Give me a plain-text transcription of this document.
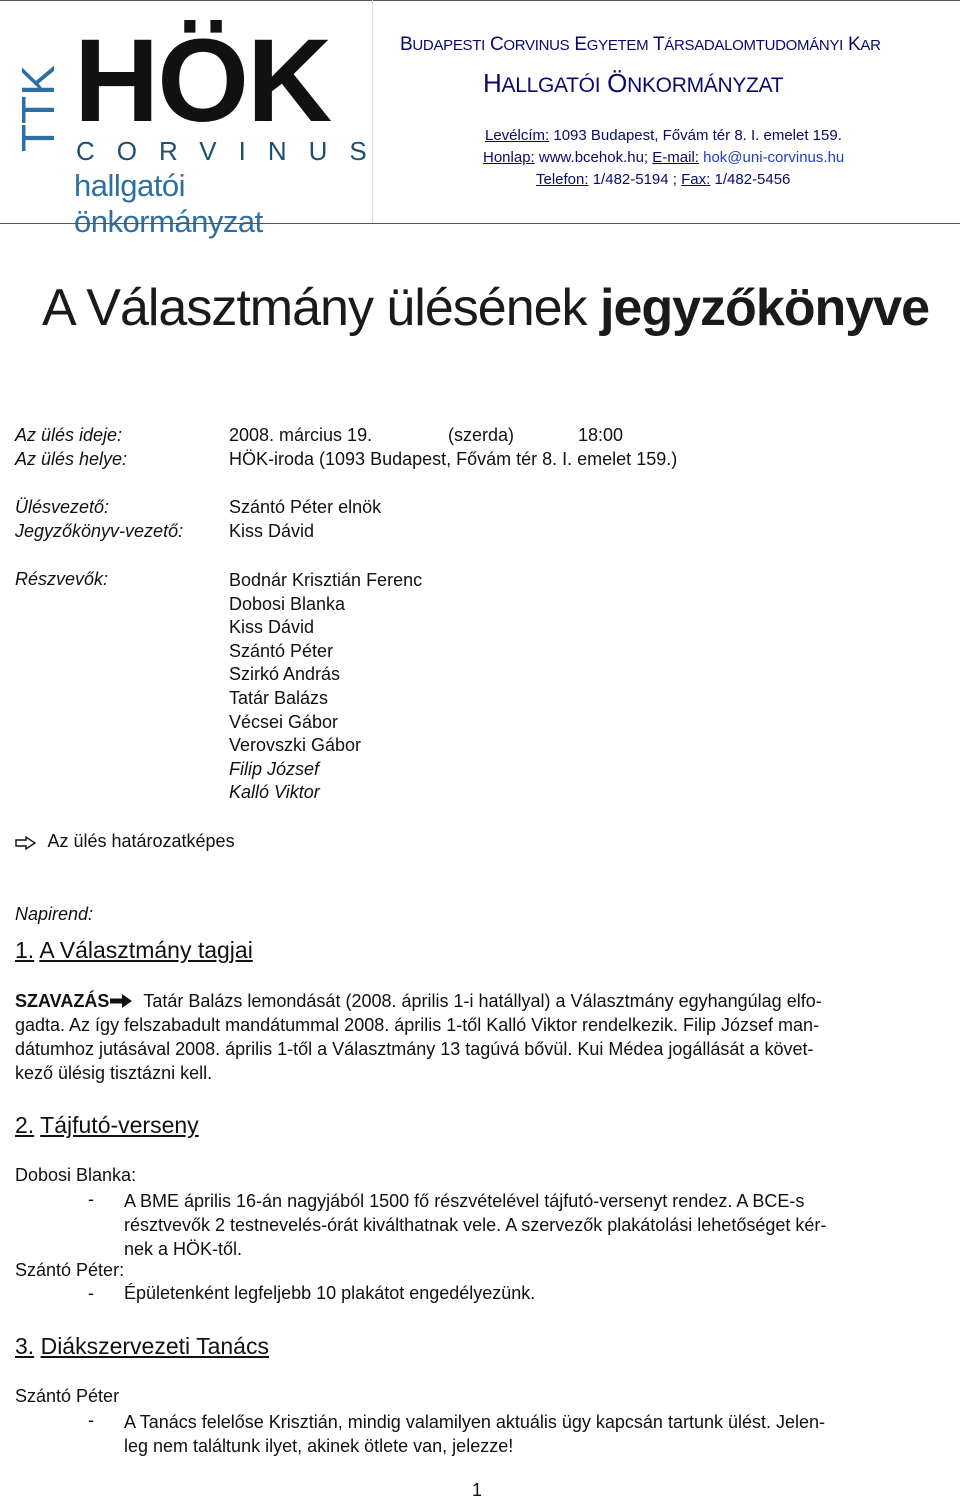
TTK HÖK
CORVINUS
hallgatói önkormányzat
BUDAPESTI CORVINUS EGYETEM TÁRSADALOMTUDOMÁNYI KAR
HALLGATÓI ÖNKORMÁNYZAT
Levélcím: 1093 Budapest, Fővám tér 8. I. emelet 159.
Honlap: www.bcehok.hu; E-mail: hok@uni-corvinus.hu
Telefon: 1/482-5194 ; Fax: 1/482-5456
A Választmány ülésének jegyzőkönyve
Az ülés ideje:	2008. március 19.	(szerda)	18:00
Az ülés helye:	HÖK-iroda (1093 Budapest, Fővám tér 8. I. emelet 159.)
Ülésvezető:	Szántó Péter elnök
Jegyzőkönyv-vezető:	Kiss Dávid
Részvevők:	Bodnár Krisztián Ferenc
Dobosi Blanka
Kiss Dávid
Szántó Péter
Szirkó András
Tatár Balázs
Vécsei Gábor
Verovszki Gábor
Filip József
Kalló Viktor
Az ülés határozatképes
Napirend:
1. A Választmány tagjai
SZAVAZÁS Tatár Balázs lemondását (2008. április 1-i hatállyal) a Választmány egyhangúlag elfo-
gadta. Az így felszabadult mandátummal 2008. április 1-től Kalló Viktor rendelkezik. Filip József man-
dátumhoz jutásával 2008. április 1-től a Választmány 13 tagúvá bővül. Kui Médea jogállását a követ-
kező ülésig tisztázni kell.
2. Tájfutó-verseny
Dobosi Blanka:
- A BME április 16-án nagyjából 1500 fő részvételével tájfutó-versenyt rendez. A BCE-s
résztvevők 2 testnevelés-órát kiválthatnak vele. A szervezők plakátolási lehetőséget kér-
nek a HÖK-től.
Szántó Péter:
- Épületenként legfeljebb 10 plakátot engedélyezünk.
3. Diákszervezeti Tanács
Szántó Péter
- A Tanács felelőse Krisztián, mindig valamilyen aktuális ügy kapcsán tartunk ülést. Jelen-
leg nem találtunk ilyet, akinek ötlete van, jelezze!
1
